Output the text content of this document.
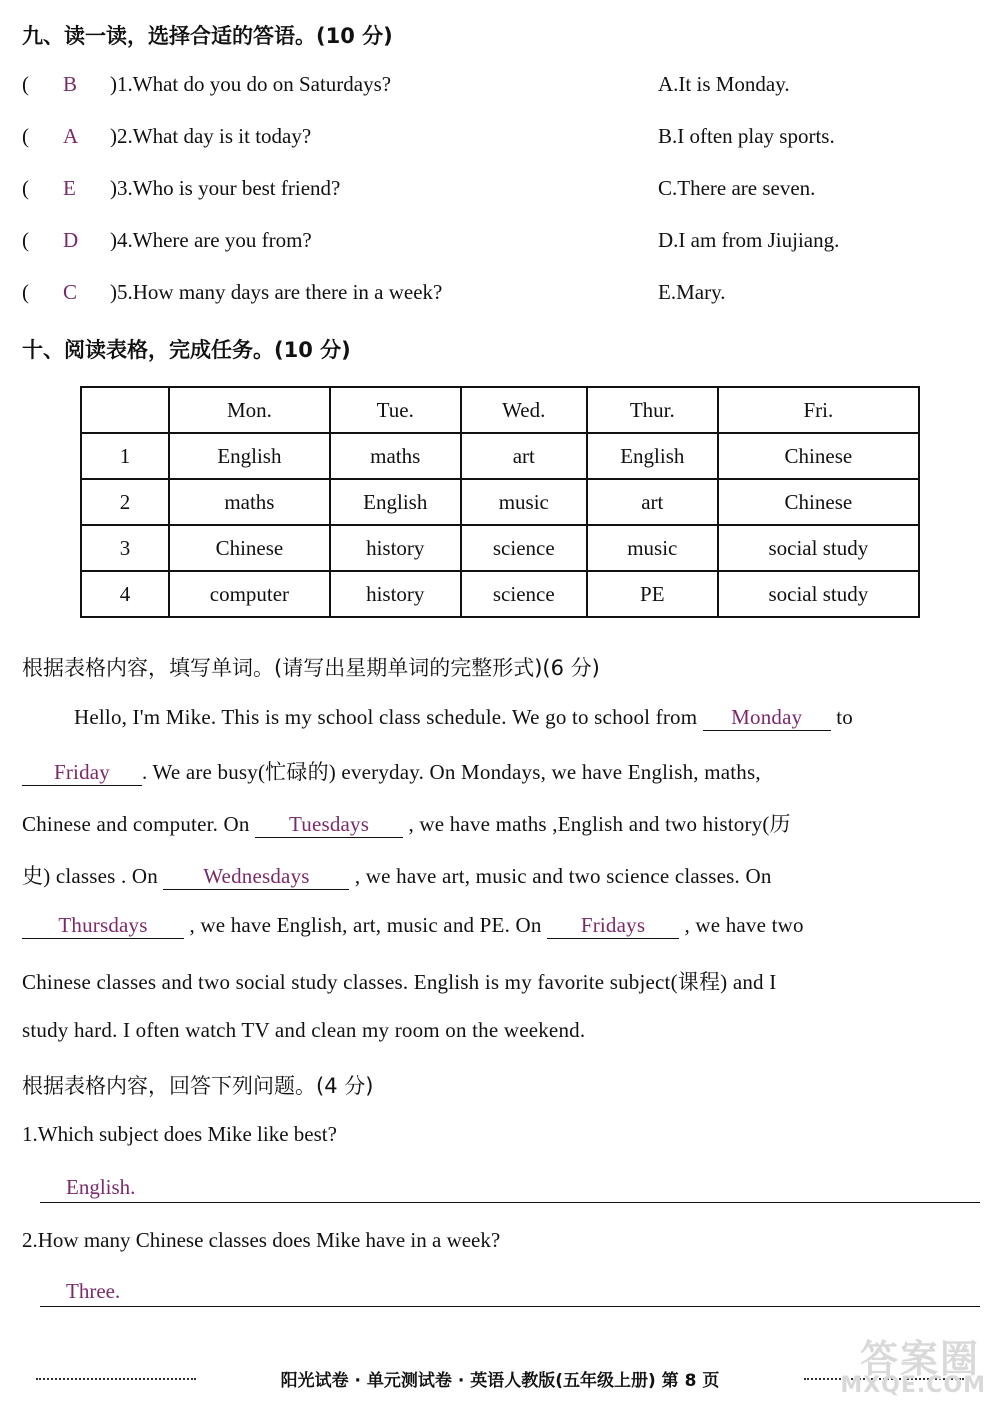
九、读一读，选择合适的答语。(10 分)
( B )1.What do you do on Saturdays?	A.It is Monday.
( A )2.What day is it today?	B.I often play sports.
( E )3.Who is your best friend?	C.There are seven.
( D )4.Where are you from?	D.I am from Jiujiang.
( C )5.How many days are there in a week?	E.Mary.
十、阅读表格，完成任务。(10 分)
	Mon.	Tue.	Wed.	Thur.	Fri.
1	English	maths	art	English	Chinese
2	maths	English	music	art	Chinese
3	Chinese	history	science	music	social study
4	computer	history	science	PE	social study
根据表格内容，填写单词。(请写出星期单词的完整形式)(6 分)
Hello, I'm Mike. This is my school class schedule. We go to school from Monday to
Friday . We are busy(忙碌的) everyday. On Mondays, we have English, maths,
Chinese and computer. On Tuesdays , we have maths ,English and two history(历
史) classes . On Wednesdays , we have art, music and two science classes. On
Thursdays , we have English, art, music and PE. On Fridays , we have two
Chinese classes and two social study classes. English is my favorite subject(课程) and I
study hard. I often watch TV and clean my room on the weekend.
根据表格内容，回答下列问题。(4 分)
1.Which subject does Mike like best?
English.
2.How many Chinese classes does Mike have in a week?
Three.
阳光试卷 · 单元测试卷 · 英语人教版(五年级上册) 第 8 页	答案圈
MXQE.COM
